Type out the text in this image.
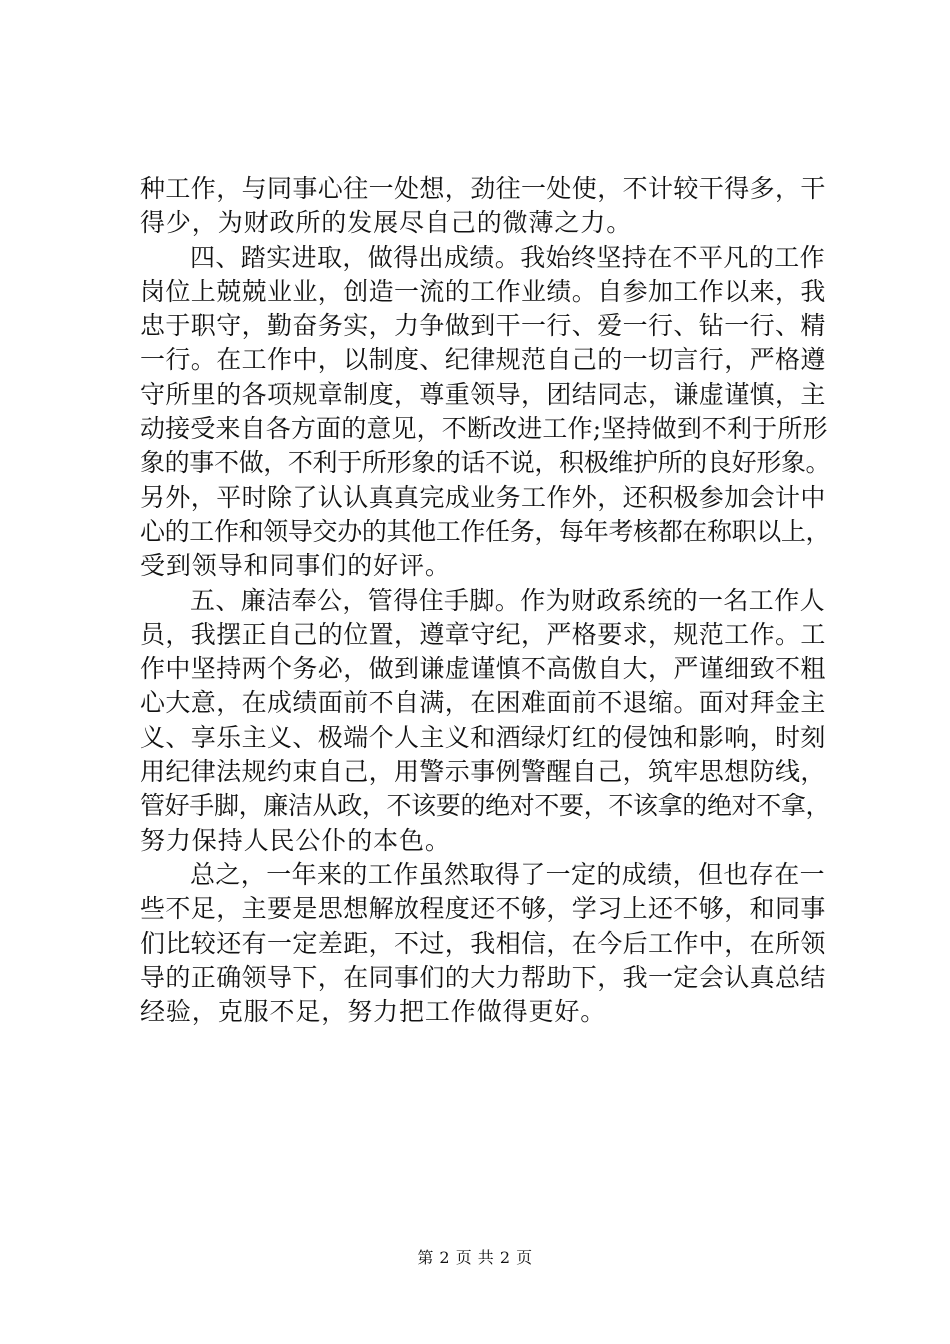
种工作，与同事心往一处想，劲往一处使，不计较干得多，干
得少，为财政所的发展尽自己的微薄之力。
四、踏实进取，做得出成绩。我始终坚持在不平凡的工作
岗位上兢兢业业，创造一流的工作业绩。自参加工作以来，我
忠于职守，勤奋务实，力争做到干一行、爱一行、钻一行、精
一行。在工作中，以制度、纪律规范自己的一切言行，严格遵
守所里的各项规章制度，尊重领导，团结同志，谦虚谨慎，主
动接受来自各方面的意见，不断改进工作;坚持做到不利于所形
象的事不做，不利于所形象的话不说，积极维护所的良好形象。
另外，平时除了认认真真完成业务工作外，还积极参加会计中
心的工作和领导交办的其他工作任务，每年考核都在称职以上，
受到领导和同事们的好评。
五、廉洁奉公，管得住手脚。作为财政系统的一名工作人
员，我摆正自己的位置，遵章守纪，严格要求，规范工作。工
作中坚持两个务必，做到谦虚谨慎不高傲自大，严谨细致不粗
心大意，在成绩面前不自满，在困难面前不退缩。面对拜金主
义、享乐主义、极端个人主义和酒绿灯红的侵蚀和影响，时刻
用纪律法规约束自己，用警示事例警醒自己，筑牢思想防线，
管好手脚，廉洁从政，不该要的绝对不要，不该拿的绝对不拿，
努力保持人民公仆的本色。
总之，一年来的工作虽然取得了一定的成绩，但也存在一
些不足，主要是思想解放程度还不够，学习上还不够，和同事
们比较还有一定差距，不过，我相信，在今后工作中，在所领
导的正确领导下，在同事们的大力帮助下，我一定会认真总结
经验，克服不足，努力把工作做得更好。
第 2 页 共 2 页
